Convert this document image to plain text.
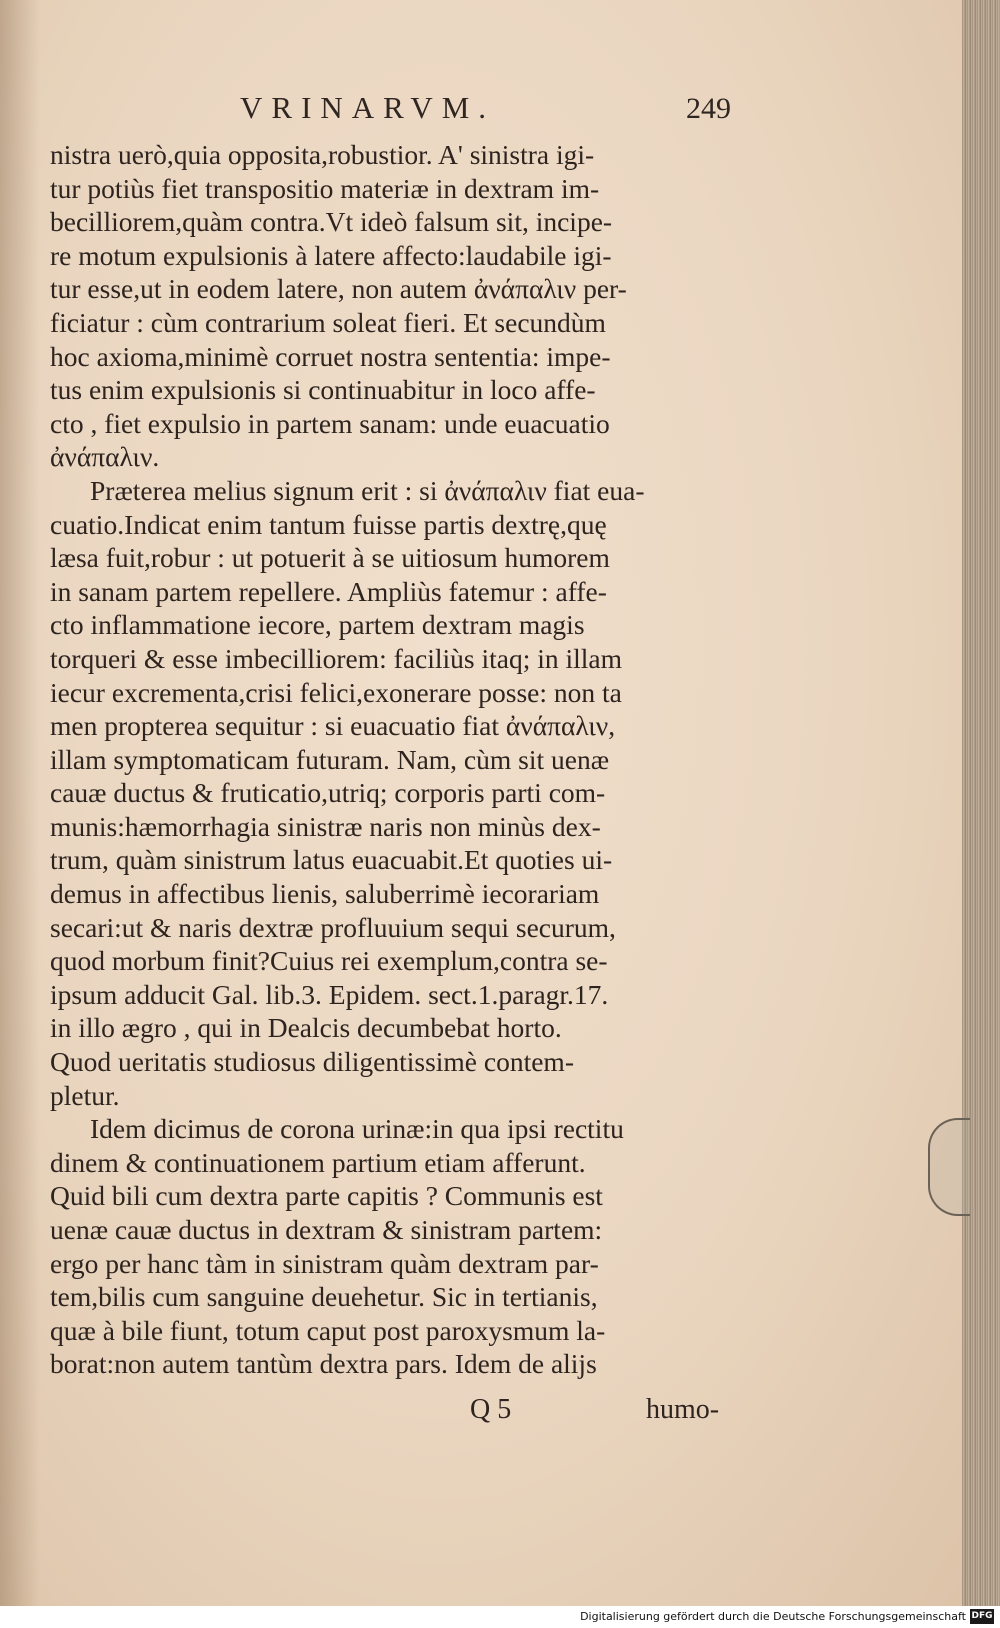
VRINARVM.	249
nistra uerò,quia opposita,robustior. A' sinistra igi-
tur potiùs fiet transpositio materiæ in dextram im-
becilliorem,quàm contra.Vt ideò falsum sit, incipe-
re motum expulsionis à latere affecto:laudabile igi-
tur esse,ut in eodem latere, non autem ἀνάπαλιν per-
ficiatur : cùm contrarium soleat fieri. Et secundùm
hoc axioma,minimè corruet nostra sententia: impe-
tus enim expulsionis si continuabitur in loco affe-
cto , fiet expulsio in partem sanam: unde euacuatio
ἀνάπαλιν.
Præterea melius signum erit : si ἀνάπαλιν fiat eua-
cuatio.Indicat enim tantum fuisse partis dextrę,quę
læsa fuit,robur : ut potuerit à se uitiosum humorem
in sanam partem repellere. Ampliùs fatemur : affe-
cto inflammatione iecore, partem dextram magis
torqueri & esse imbecilliorem: faciliùs itaq; in illam
iecur excrementa,crisi felici,exonerare posse: non ta
men propterea sequitur : si euacuatio fiat ἀνάπαλιν,
illam symptomaticam futuram. Nam, cùm sit uenæ
cauæ ductus & fruticatio,utriq; corporis parti com-
munis:hæmorrhagia sinistræ naris non minùs dex-
trum, quàm sinistrum latus euacuabit.Et quoties ui-
demus in affectibus lienis, saluberrimè iecorariam
secari:ut & naris dextræ profluuium sequi securum,
quod morbum finit?Cuius rei exemplum,contra se-
ipsum adducit Gal. lib.3. Epidem. sect.1.paragr.17.
in illo ægro , qui in Dealcis decumbebat horto.
Quod ueritatis studiosus diligentissimè contem-
pletur.
Idem dicimus de corona urinæ:in qua ipsi rectitu
dinem & continuationem partium etiam afferunt.
Quid bili cum dextra parte capitis ? Communis est
uenæ cauæ ductus in dextram & sinistram partem:
ergo per hanc tàm in sinistram quàm dextram par-
tem,bilis cum sanguine deuehetur. Sic in tertianis,
quæ à bile fiunt, totum caput post paroxysmum la-
borat:non autem tantùm dextra pars. Idem de alijs
Q 5	humo-
Digitalisierung gefördert durch die Deutsche Forschungsgemeinschaft DFG
